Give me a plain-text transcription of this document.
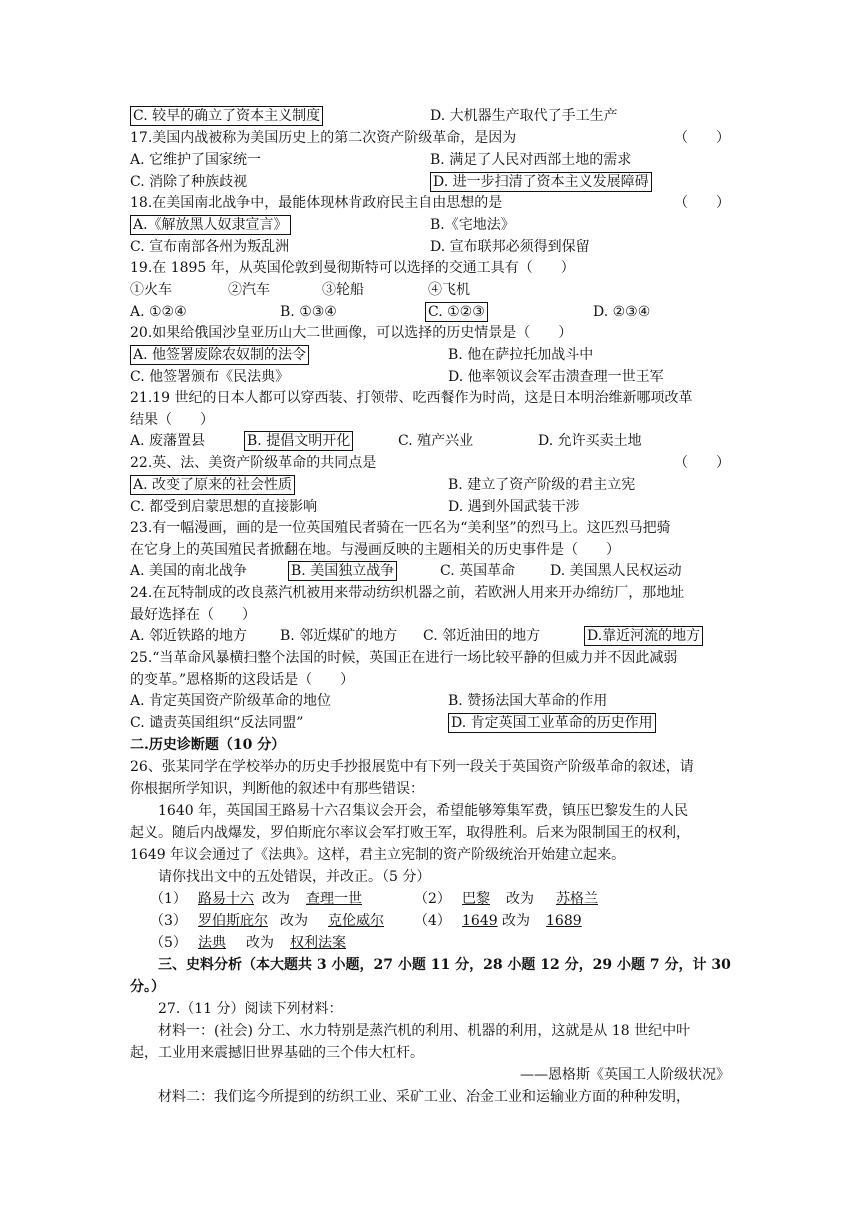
C. 较早的确立了资本主义制度	D. 大机器生产取代了手工生产
17.美国内战被称为美国历史上的第二次资产阶级革命，是因为	（　　）
A. 它维护了国家统一	B. 满足了人民对西部土地的需求
C. 消除了种族歧视	D. 进一步扫清了资本主义发展障碍
18.在美国南北战争中，最能体现林肯政府民主自由思想的是	（　　）
A.《解放黑人奴隶宣言》	B.《宅地法》
C. 宣布南部各州为叛乱洲	D. 宣布联邦必须得到保留
19.在 1895 年，从英国伦敦到曼彻斯特可以选择的交通工具有（　　）
①火车	②汽车	③轮船	④飞机
A. ①②④	B. ①③④	C. ①②③	D. ②③④
20.如果给俄国沙皇亚历山大二世画像，可以选择的历史情景是（　　）
A. 他签署废除农奴制的法令	B. 他在萨拉托加战斗中
C. 他签署颁布《民法典》	D. 他率领议会军击溃查理一世王军
21.19 世纪的日本人都可以穿西装、打领带、吃西餐作为时尚，这是日本明治维新哪项改革
结果（　　）
A. 废藩置县	B. 提倡文明开化	C. 殖产兴业	D. 允许买卖土地
22.英、法、美资产阶级革命的共同点是	（　　）
A. 改变了原来的社会性质	B. 建立了资产阶级的君主立宪
C. 都受到启蒙思想的直接影响	D. 遇到外国武装干涉
23.有一幅漫画，画的是一位英国殖民者骑在一匹名为“美利坚”的烈马上。这匹烈马把骑
在它身上的英国殖民者掀翻在地。与漫画反映的主题相关的历史事件是（　　）
A. 美国的南北战争	B. 美国独立战争	C. 英国革命 D. 美国黑人民权运动
24.在瓦特制成的改良蒸汽机被用来带动纺织机器之前，若欧洲人用来开办绵纺厂，那地址
最好选择在（　　）
A. 邻近铁路的地方 B. 邻近煤矿的地方 C. 邻近油田的地方	D.靠近河流的地方
25.“当革命风暴横扫整个法国的时候，英国正在进行一场比较平静的但威力并不因此减弱
的变革。”恩格斯的这段话是（　　）
A. 肯定英国资产阶级革命的地位	B. 赞扬法国大革命的作用
C. 谴责英国组织“反法同盟”	D. 肯定英国工业革命的历史作用
二.历史诊断题（10 分）
26、张某同学在学校举办的历史手抄报展览中有下列一段关于英国资产阶级革命的叙述，请
你根据所学知识，判断他的叙述中有那些错误：
1640 年，英国国王路易十六召集议会开会，希望能够筹集军费，镇压巴黎发生的人民
起义。随后内战爆发，罗伯斯庇尔率议会军打败王军，取得胜利。后来为限制国王的权利，
1649 年议会通过了《法典》。这样，君主立宪制的资产阶级统治开始建立起来。
请你找出文中的五处错误，并改正。（5 分）
（1） 路易十六 改为 查理一世	（2） 巴黎 改为 苏格兰
（3） 罗伯斯庇尔 改为 克伦威尔 （4） 1649 改为 1689
（5） 法典 改为 权利法案
三、史料分析（本大题共 3 小题，27 小题 11 分，28 小题 12 分，29 小题 7 分，计 30
分。）
27.（11 分）阅读下列材料：
材料一：(社会) 分工、水力特别是蒸汽机的利用、机器的利用，这就是从 18 世纪中叶
起，工业用来震撼旧世界基础的三个伟大杠杆。
——恩格斯《英国工人阶级状况》
材料二：我们迄今所提到的纺织工业、采矿工业、冶金工业和运输业方面的种种发明，
